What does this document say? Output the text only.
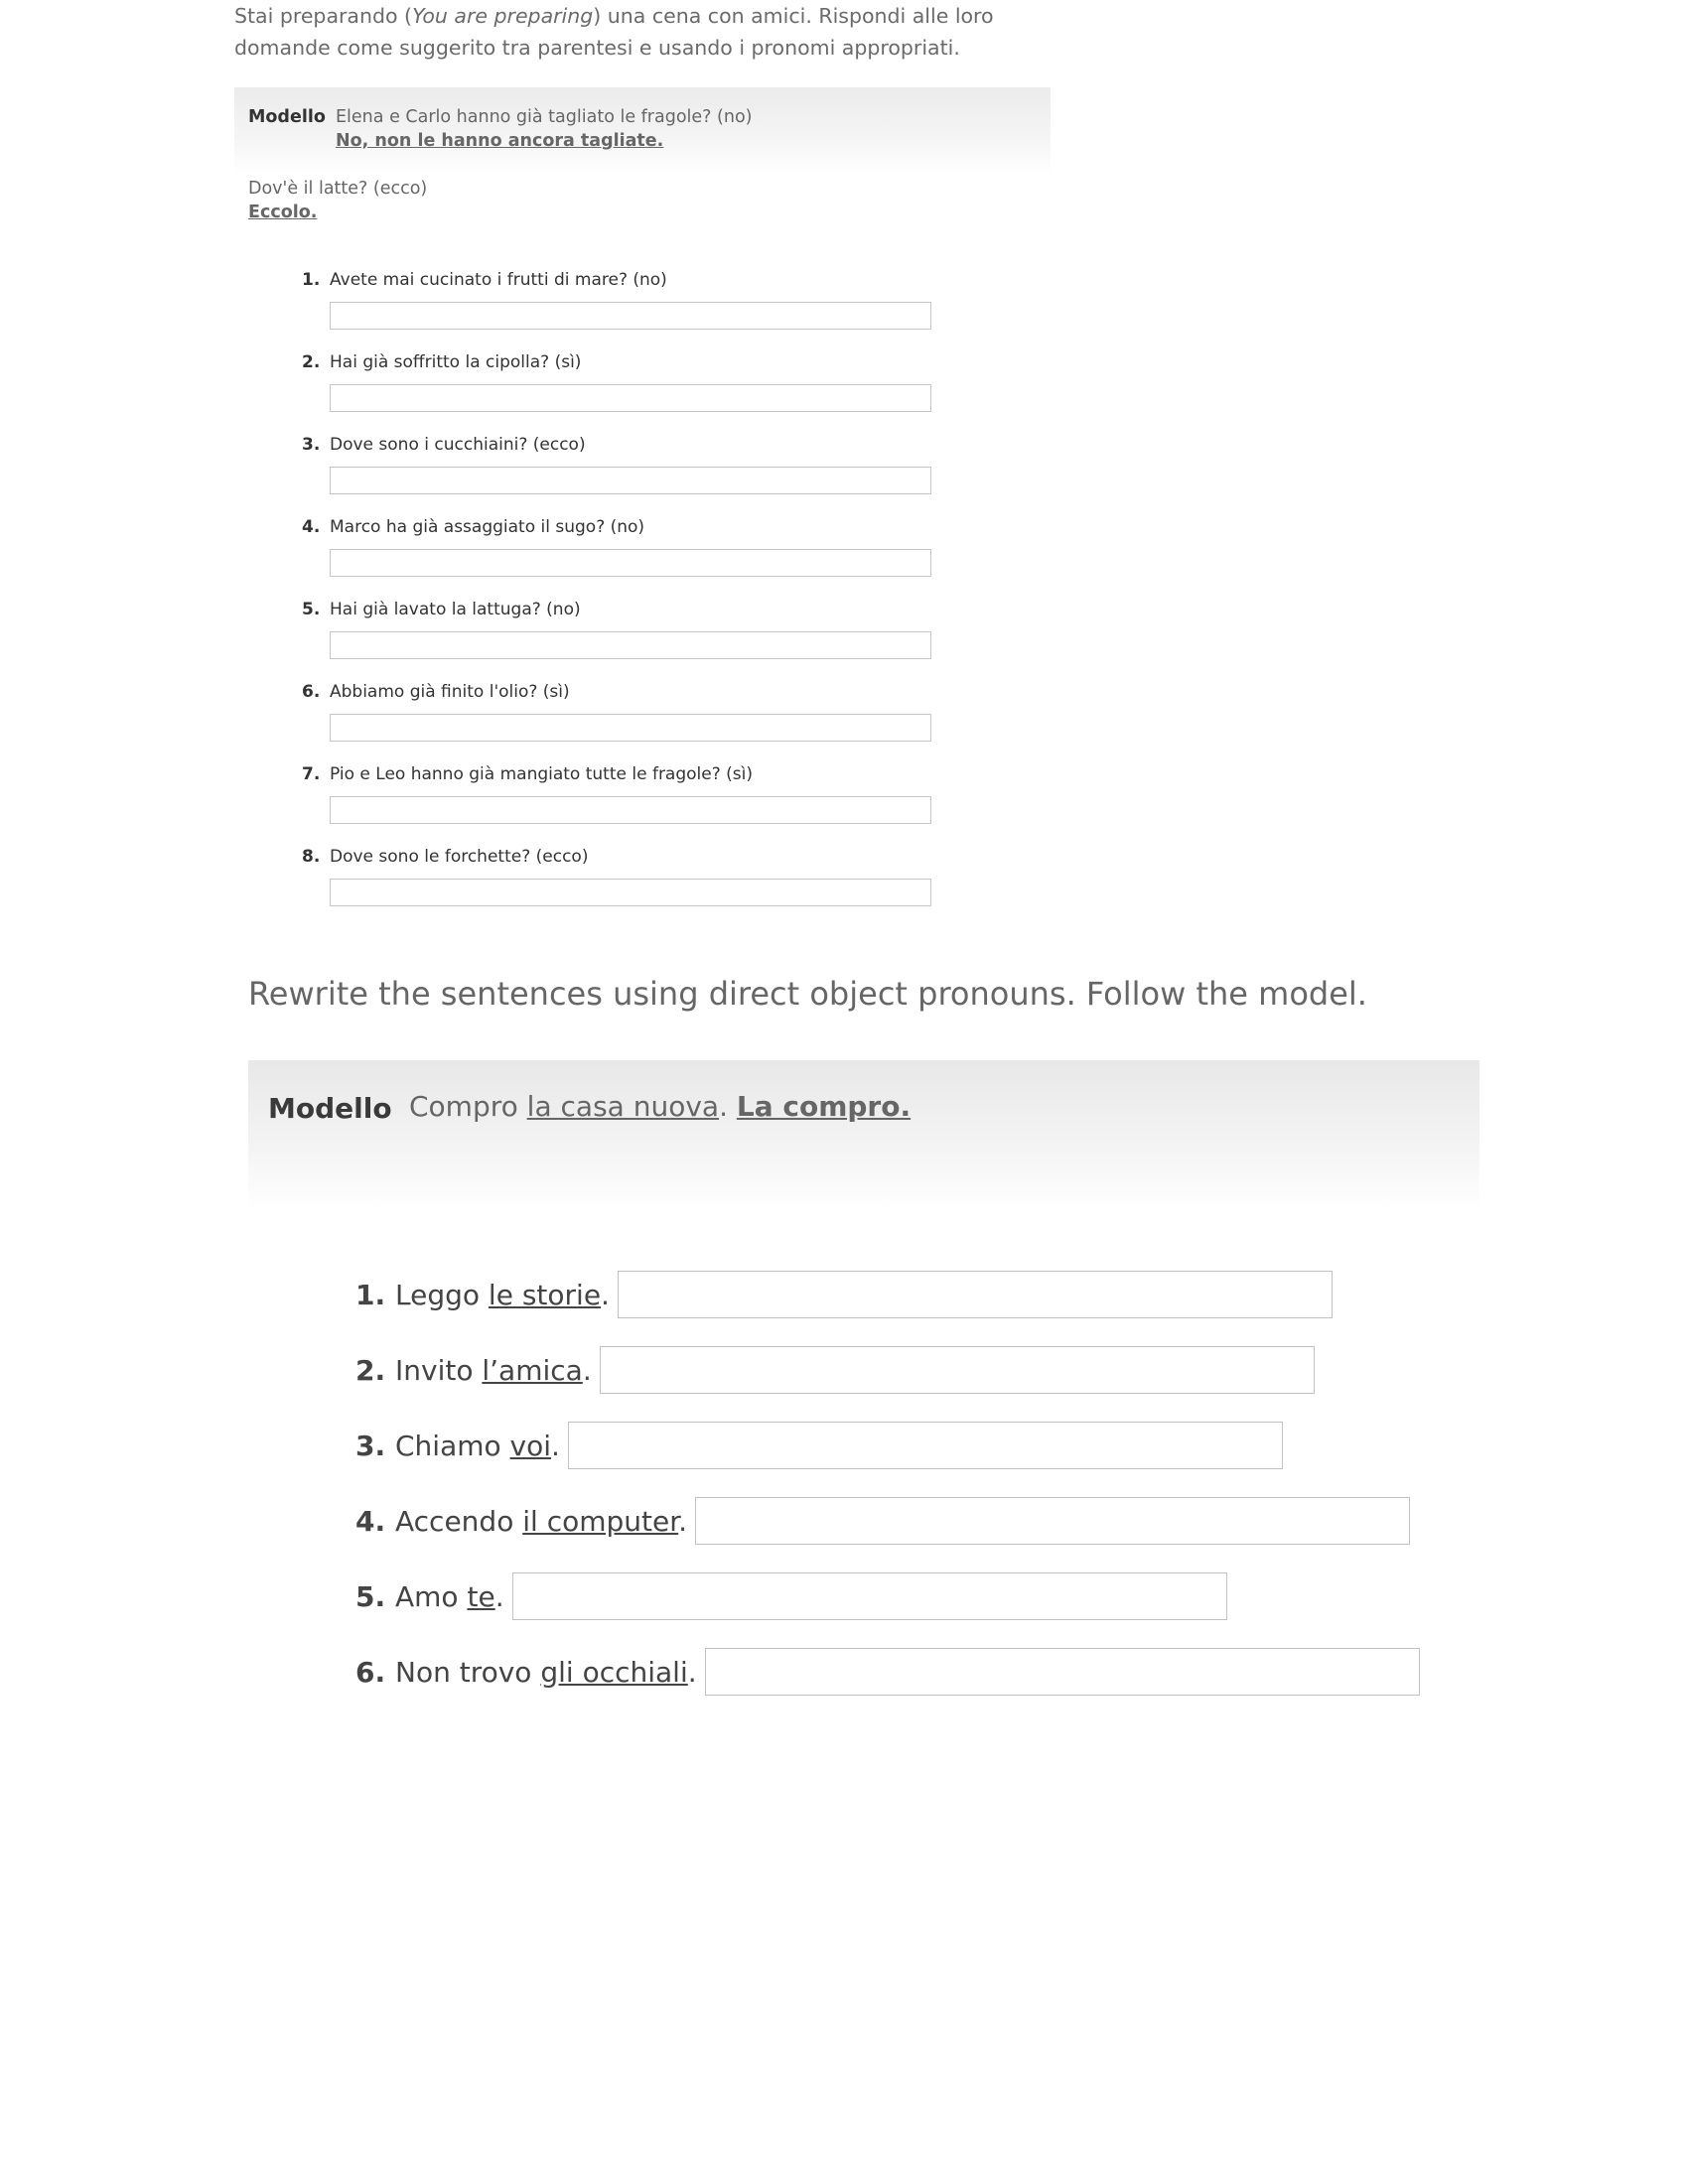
Stai preparando (You are preparing) una cena con amici. Rispondi alle loro domande come suggerito tra parentesi e usando i pronomi appropriati.

Modello Elena e Carlo hanno già tagliato le fragole? (no)
No, non le hanno ancora tagliate.
Dov'è il latte? (ecco)
Eccolo.
1. Avete mai cucinato i frutti di mare? (no)
2. Hai già soffritto la cipolla? (sì)
3. Dove sono i cucchiaini? (ecco)
4. Marco ha già assaggiato il sugo? (no)
5. Hai già lavato la lattuga? (no)
6. Abbiamo già finito l'olio? (sì)
7. Pio e Leo hanno già mangiato tutte le fragole? (sì)
8. Dove sono le forchette? (ecco)
Rewrite the sentences using direct object pronouns. Follow the model.
Modello Compro la casa nuova. La compro.
1. Leggo le storie.
2. Invito l’amica.
3. Chiamo voi.
4. Accendo il computer.
5. Amo te.
6. Non trovo gli occhiali.
